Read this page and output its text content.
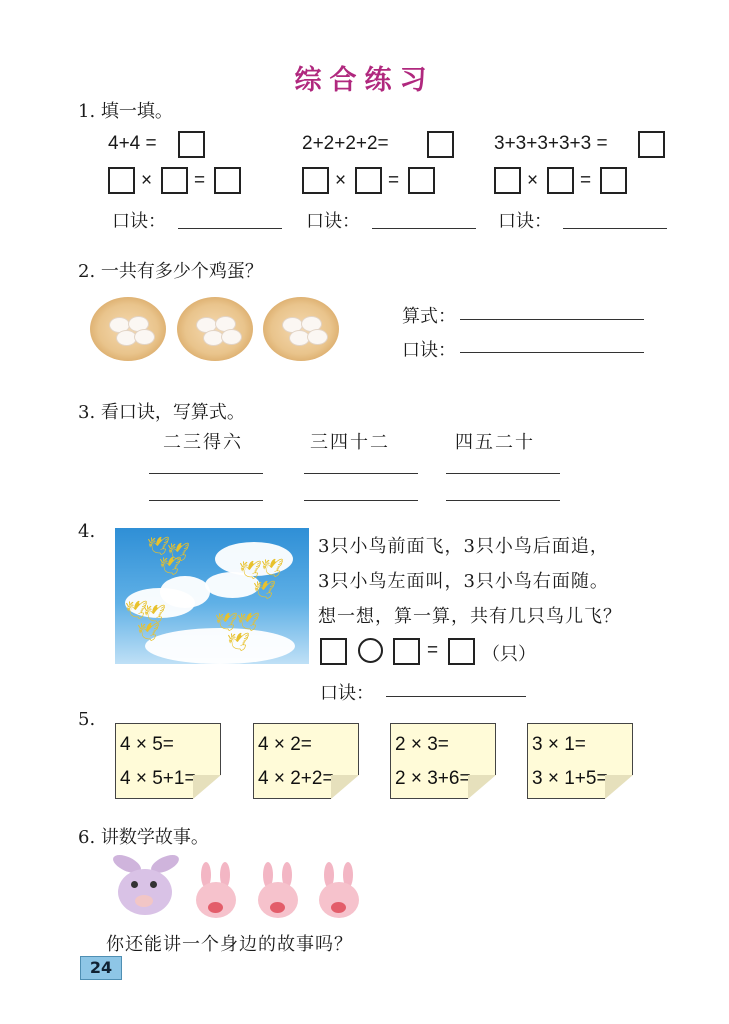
综合练习
1. 填一填。
4+4 =	2+2+2+2=	3+3+3+3+3 =
× =	× =	× =
口诀：	口诀：	口诀：
2. 一共有多少个鸡蛋？
算式：
口诀：
3. 看口诀，写算式。
二三得六	三四十二	四五二十
4.
🕊
🕊
🕊	🕊 🕊
🕊
🕊
🕊
🕊	🕊 🕊
🕊
3只小鸟前面飞，3只小鸟后面追，
3只小鸟左面叫，3只小鸟右面随。
想一想，算一算，共有几只鸟儿飞？
= （只）
口诀：
5.
4 × 5=
4 × 5+1=
4 × 2=
4 × 2+2=
2 × 3=
2 × 3+6=
3 × 1=
3 × 1+5=
6. 讲数学故事。
你还能讲一个身边的故事吗？
24
